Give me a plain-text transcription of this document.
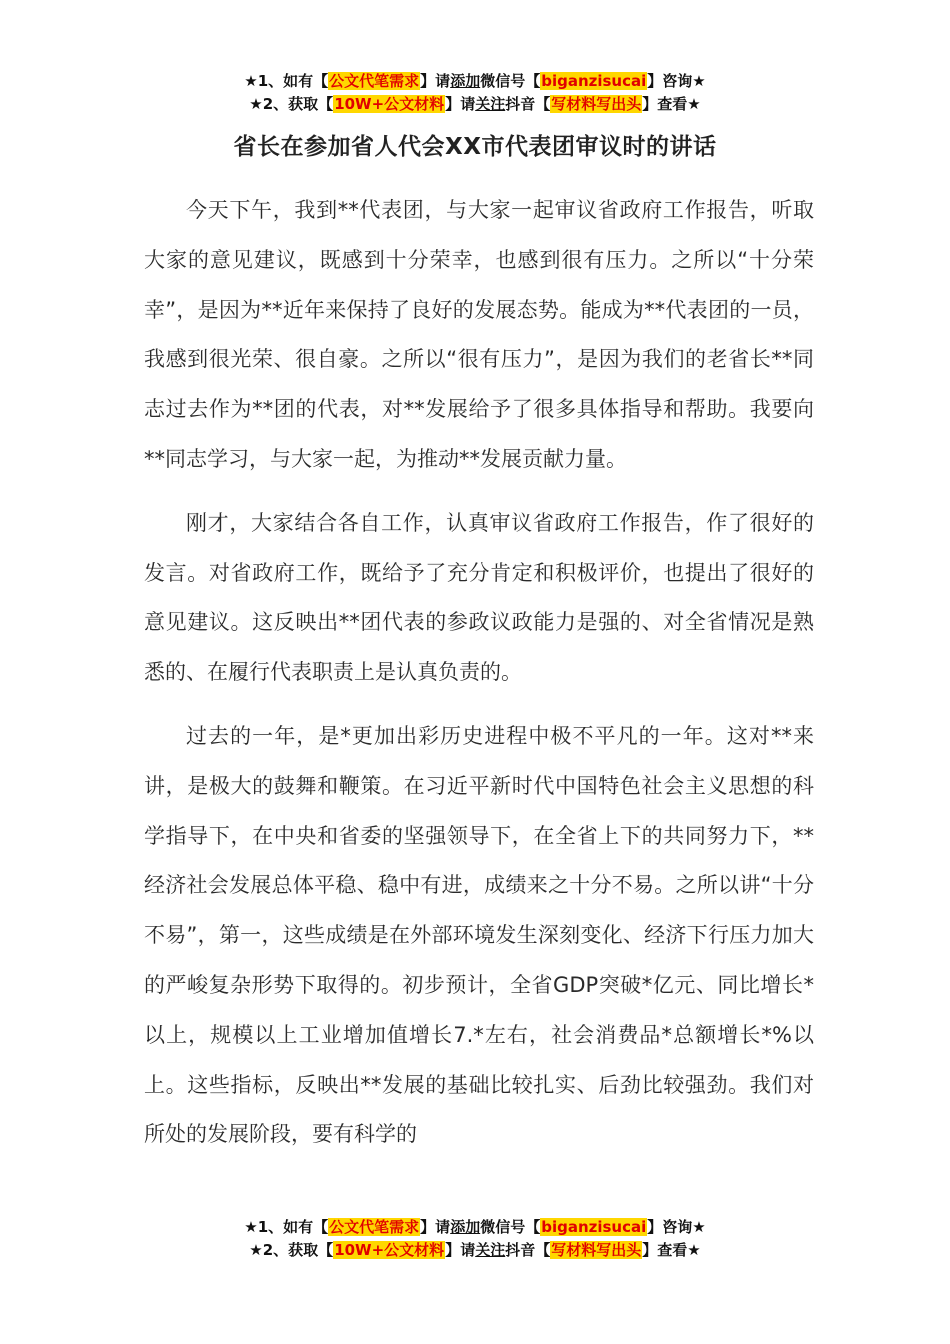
★1、如有【公文代笔需求】请添加微信号【biganzisucai】咨询★
★2、获取【10W+公文材料】请关注抖音【写材料写出头】查看★
省长在参加省人代会XX市代表团审议时的讲话

今天下午，我到**代表团，与大家一起审议省政府工作报告，听取大家的意见建议，既感到十分荣幸，也感到很有压力。之所以“十分荣幸”，是因为**近年来保持了良好的发展态势。能成为**代表团的一员，我感到很光荣、很自豪。之所以“很有压力”，是因为我们的老省长**同志过去作为**团的代表，对**发展给予了很多具体指导和帮助。我要向**同志学习，与大家一起，为推动**发展贡献力量。

刚才，大家结合各自工作，认真审议省政府工作报告，作了很好的发言。对省政府工作，既给予了充分肯定和积极评价，也提出了很好的意见建议。这反映出**团代表的参政议政能力是强的、对全省情况是熟悉的、在履行代表职责上是认真负责的。

过去的一年，是*更加出彩历史进程中极不平凡的一年。这对**来讲，是极大的鼓舞和鞭策。在习近平新时代中国特色社会主义思想的科学指导下，在中央和省委的坚强领导下，在全省上下的共同努力下，**经济社会发展总体平稳、稳中有进，成绩来之十分不易。之所以讲“十分不易”，第一，这些成绩是在外部环境发生深刻变化、经济下行压力加大的严峻复杂形势下取得的。初步预计，全省GDP突破*亿元、同比增长*以上，规模以上工业增加值增长7.*左右，社会消费品*总额增长*%以上。这些指标，反映出**发展的基础比较扎实、后劲比较强劲。我们对所处的发展阶段，要有科学的

★1、如有【公文代笔需求】请添加微信号【biganzisucai】咨询★
★2、获取【10W+公文材料】请关注抖音【写材料写出头】查看★
